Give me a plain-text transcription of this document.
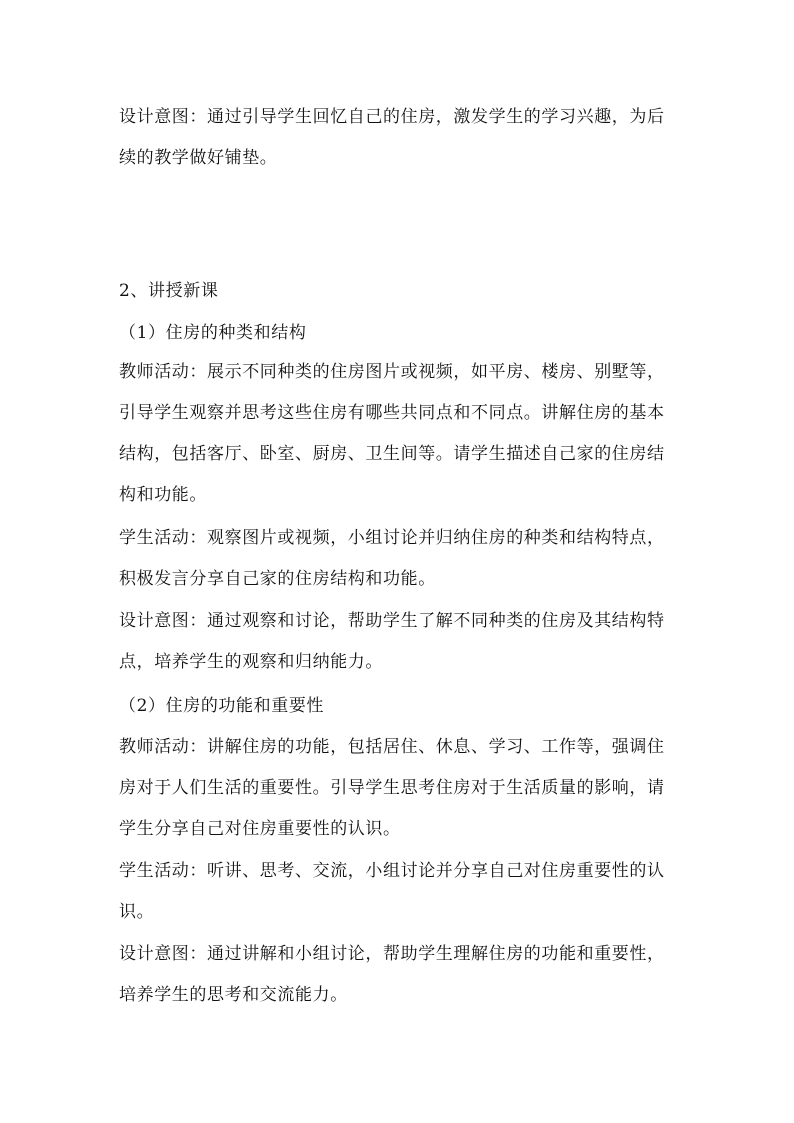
设计意图：通过引导学生回忆自己的住房，激发学生的学习兴趣，为后续的教学做好铺垫。

2、讲授新课

（1）住房的种类和结构

教师活动：展示不同种类的住房图片或视频，如平房、楼房、别墅等，引导学生观察并思考这些住房有哪些共同点和不同点。讲解住房的基本结构，包括客厅、卧室、厨房、卫生间等。请学生描述自己家的住房结构和功能。

学生活动：观察图片或视频，小组讨论并归纳住房的种类和结构特点，积极发言分享自己家的住房结构和功能。

设计意图：通过观察和讨论，帮助学生了解不同种类的住房及其结构特点，培养学生的观察和归纳能力。

（2）住房的功能和重要性

教师活动：讲解住房的功能，包括居住、休息、学习、工作等，强调住房对于人们生活的重要性。引导学生思考住房对于生活质量的影响，请学生分享自己对住房重要性的认识。

学生活动：听讲、思考、交流，小组讨论并分享自己对住房重要性的认识。

设计意图：通过讲解和小组讨论，帮助学生理解住房的功能和重要性，培养学生的思考和交流能力。
